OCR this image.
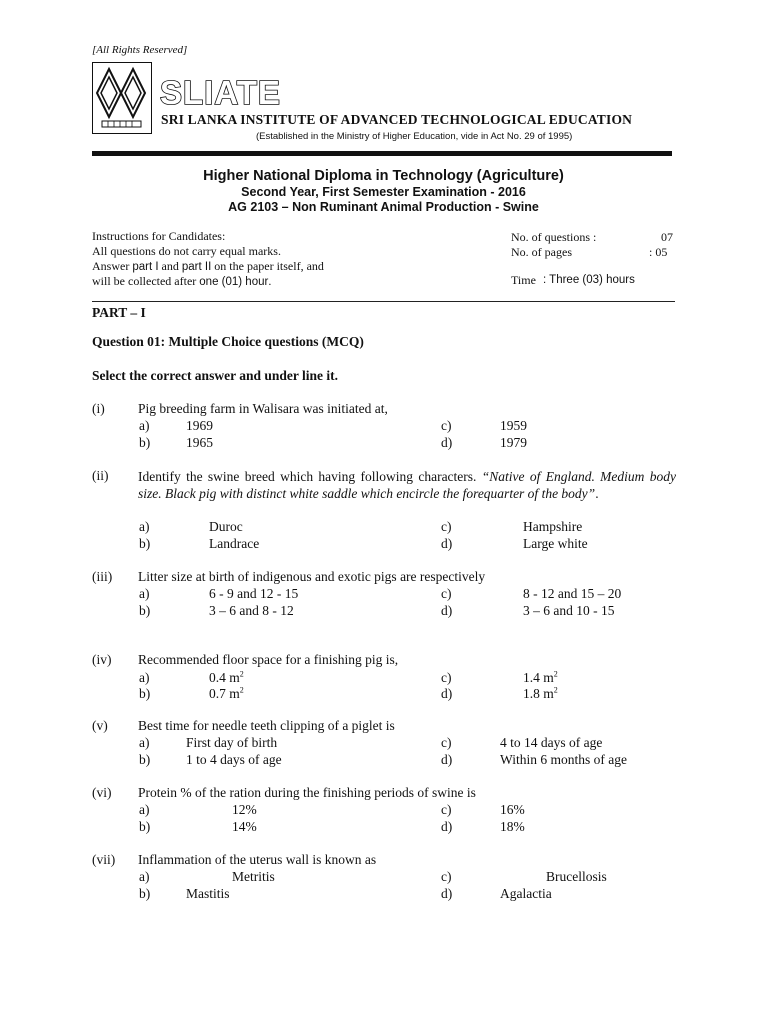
[All Rights Reserved]
SLIATE
SRI LANKA INSTITUTE OF ADVANCED TECHNOLOGICAL EDUCATION
(Established in the Ministry of Higher Education, vide in Act No. 29 of 1995)
Higher National Diploma in Technology (Agriculture)
Second Year, First Semester Examination - 2016
AG 2103 – Non Ruminant Animal Production - Swine
Instructions for Candidates:
All questions do not carry equal marks.
Answer part I and part II on the paper itself, and
will be collected after one (01) hour.
No. of questions :	07
No. of pages	: 05
Time : Three (03) hours
PART – I
Question 01: Multiple Choice questions (MCQ)
Select the correct answer and under line it.
(i) Pig breeding farm in Walisara was initiated at,
a)	1969	c)	1959
b)	1965	d)	1979
(ii) Identify the swine breed which having following characters. “Native of England. Medium body size. Black pig with distinct white saddle which encircle the forequarter of the body”.
a)	Duroc	c)	Hampshire
b)	Landrace	d)	Large white
(iii) Litter size at birth of indigenous and exotic pigs are respectively
a)	6 - 9 and 12 - 15	c)	8 - 12 and 15 – 20
b)	3 – 6 and 8 - 12	d)	3 – 6 and 10 - 15
(iv) Recommended floor space for a finishing pig is,
a)	0.4 $m^2$	c)	1.4 $m^2$
b)	0.7 $m^2$	d)	1.8 $m^2$
(v) Best time for needle teeth clipping of a piglet is
a)	First day of birth	c)	4 to 14 days of age
b)	1 to 4 days of age	d)	Within 6 months of age
(vi) Protein % of the ration during the finishing periods of swine is
a)	12%	c)	16%
b)	14%	d)	18%
(vii) Inflammation of the uterus wall is known as
a)	Metritis	c)	Brucellosis
b)	Mastitis	d)	Agalactia
